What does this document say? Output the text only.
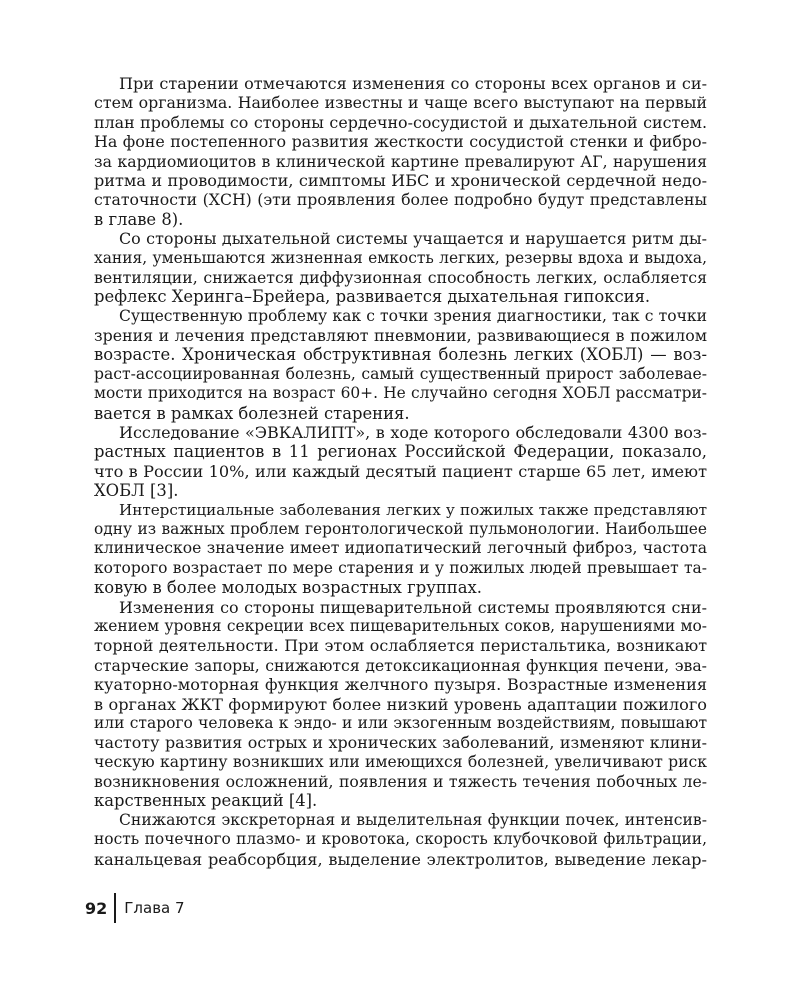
При старении отмечаются изменения со стороны всех органов и си-
стем организма. Наиболее известны и чаще всего выступают на первый
план проблемы со стороны сердечно-сосудистой и дыхательной систем.
На фоне постепенного развития жесткости сосудистой стенки и фибро-
за кардиомиоцитов в клинической картине превалируют АГ, нарушения
ритма и проводимости, симптомы ИБС и хронической сердечной недо-
статочности (ХСН) (эти проявления более подробно будут представлены
в главе 8).

Со стороны дыхательной системы учащается и нарушается ритм ды-
хания, уменьшаются жизненная емкость легких, резервы вдоха и выдоха,
вентиляции, снижается диффузионная способность легких, ослабляется
рефлекс Херинга–Брейера, развивается дыхательная гипоксия.

Существенную проблему как с точки зрения диагностики, так с точки
зрения и лечения представляют пневмонии, развивающиеся в пожилом
возрасте. Хроническая обструктивная болезнь легких (ХОБЛ) — воз-
раст-ассоциированная болезнь, самый существенный прирост заболевае-
мости приходится на возраст 60+. Не случайно сегодня ХОБЛ рассматри-
вается в рамках болезней старения.

Исследование «ЭВКАЛИПТ», в ходе которого обследовали 4300 воз-
растных пациентов в 11 регионах Российской Федерации, показало,
что в России 10%, или каждый десятый пациент старше 65 лет, имеют
ХОБЛ [3].

Интерстициальные заболевания легких у пожилых также представляют
одну из важных проблем геронтологической пульмонологии. Наибольшее
клиническое значение имеет идиопатический легочный фиброз, частота
которого возрастает по мере старения и у пожилых людей превышает та-
ковую в более молодых возрастных группах.

Изменения со стороны пищеварительной системы проявляются сни-
жением уровня секреции всех пищеварительных соков, нарушениями мо-
торной деятельности. При этом ослабляется перистальтика, возникают
старческие запоры, снижаются детоксикационная функция печени, эва-
куаторно-моторная функция желчного пузыря. Возрастные изменения
в органах ЖКТ формируют более низкий уровень адаптации пожилого
или старого человека к эндо- и или экзогенным воздействиям, повышают
частоту развития острых и хронических заболеваний, изменяют клини-
ческую картину возникших или имеющихся болезней, увеличивают риск
возникновения осложнений, появления и тяжесть течения побочных ле-
карственных реакций [4].

Снижаются экскреторная и выделительная функции почек, интенсив-
ность почечного плазмо- и кровотока, скорость клубочковой фильтрации,
канальцевая реабсорбция, выделение электролитов, выведение лекар-

92	Глава 7
